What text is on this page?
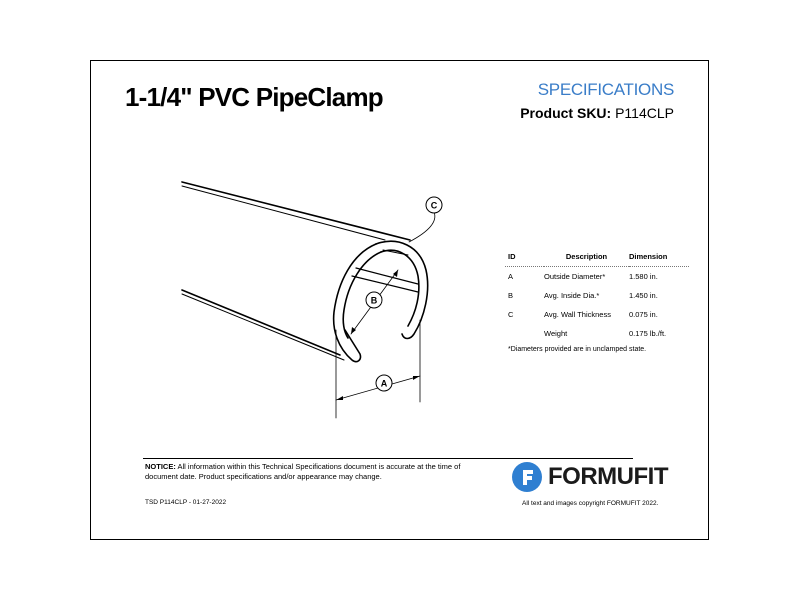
1-1/4" PVC PipeClamp	SPECIFICATIONS
Product SKU: P114CLP
C
B
A
ID	Description	Dimension
A	Outside Diameter*	1.580 in.
B	Avg. Inside Dia.*	1.450 in.
C	Avg. Wall Thickness	0.075 in.
	Weight	0.175 lb./ft.
*Diameters provided are in unclamped state.
NOTICE: All information within this Technical Specifications document is accurate at the time of document date. Product specifications and/or appearance may change.
TSD P114CLP - 01-27-2022
FORMUFIT
All text and images copyright FORMUFIT 2022.
